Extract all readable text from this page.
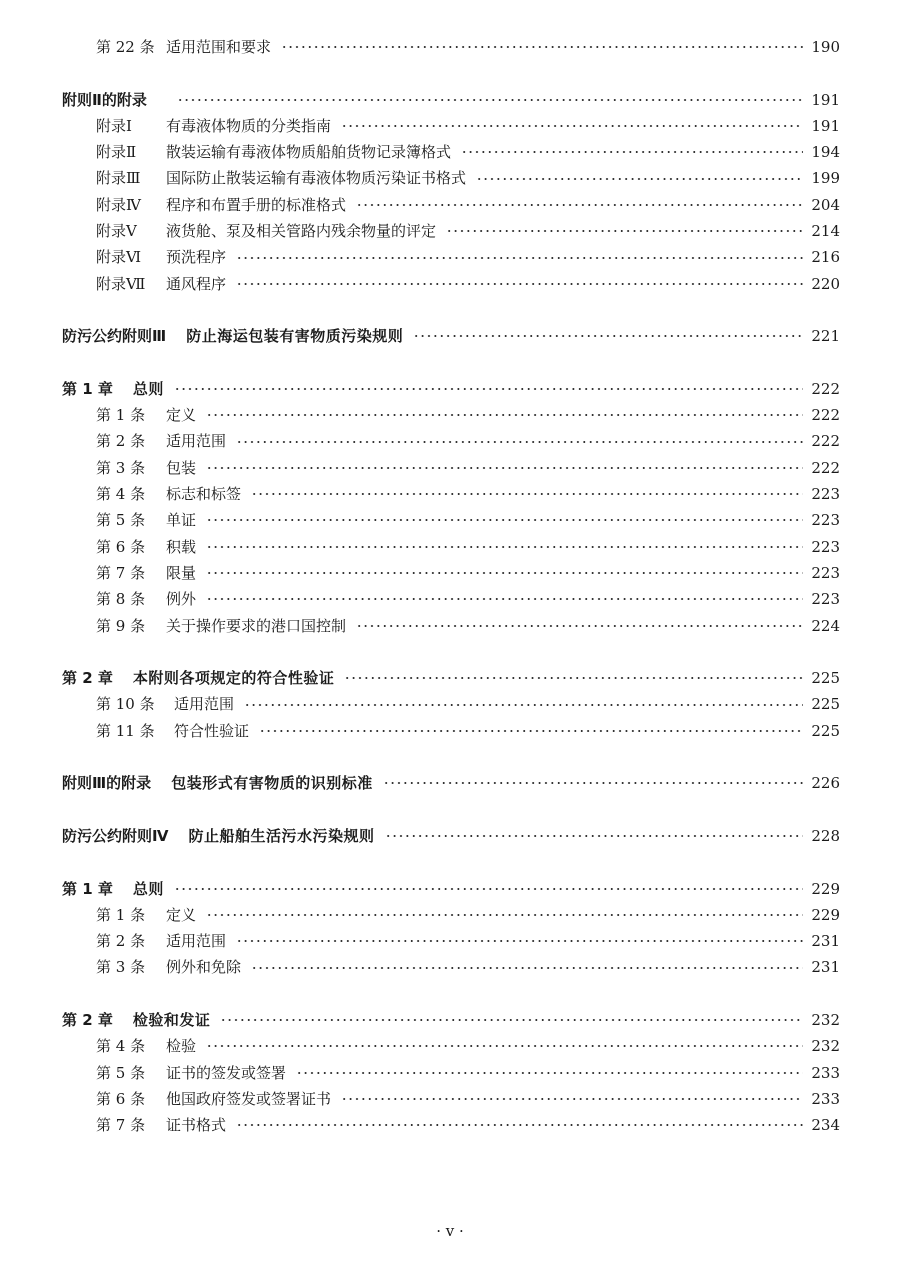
第 22 条 适用范围和要求	190
附则Ⅱ的附录	191
附录Ⅰ	有毒液体物质的分类指南	191
附录Ⅱ	散装运输有毒液体物质船舶货物记录簿格式	194
附录Ⅲ	国际防止散装运输有毒液体物质污染证书格式	199
附录Ⅳ	程序和布置手册的标准格式	204
附录Ⅴ	液货舱、泵及相关管路内残余物量的评定	214
附录Ⅵ	预洗程序	216
附录Ⅶ	通风程序	220
防污公约附则Ⅲ 防止海运包装有害物质污染规则	221
第 1 章 总则	222
第 1 条	定义	222
第 2 条	适用范围	222
第 3 条	包装	222
第 4 条	标志和标签	223
第 5 条	单证	223
第 6 条	积载	223
第 7 条	限量	223
第 8 条	例外	223
第 9 条	关于操作要求的港口国控制	224
第 2 章 本附则各项规定的符合性验证	225
第 10 条	适用范围	225
第 11 条	符合性验证	225
附则Ⅲ的附录 包装形式有害物质的识别标准	226
防污公约附则Ⅳ 防止船舶生活污水污染规则	228
第 1 章 总则	229
第 1 条	定义	229
第 2 条	适用范围	231
第 3 条	例外和免除	231
第 2 章 检验和发证	232
第 4 条	检验	232
第 5 条	证书的签发或签署	233
第 6 条	他国政府签发或签署证书	233
第 7 条	证书格式	234
· v ·
